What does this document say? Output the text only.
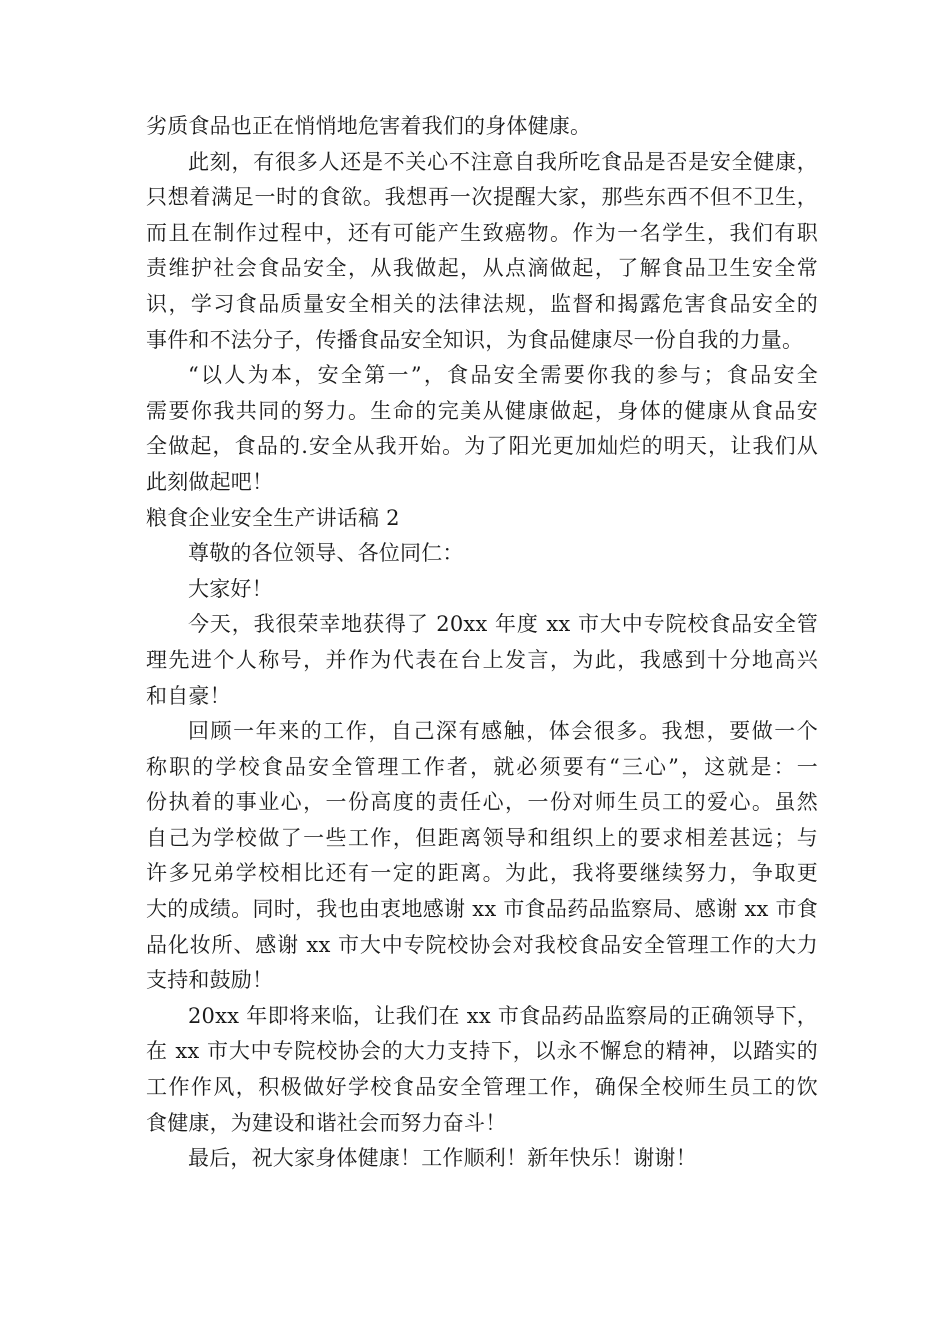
劣质食品也正在悄悄地危害着我们的身体健康。
此刻，有很多人还是不关心不注意自我所吃食品是否是安全健康，
只想着满足一时的食欲。我想再一次提醒大家，那些东西不但不卫生，
而且在制作过程中，还有可能产生致癌物。作为一名学生，我们有职
责维护社会食品安全，从我做起，从点滴做起，了解食品卫生安全常
识，学习食品质量安全相关的法律法规，监督和揭露危害食品安全的
事件和不法分子，传播食品安全知识，为食品健康尽一份自我的力量。
“以人为本，安全第一”，食品安全需要你我的参与；食品安全
需要你我共同的努力。生命的完美从健康做起，身体的健康从食品安
全做起，食品的.安全从我开始。为了阳光更加灿烂的明天，让我们从
此刻做起吧！
粮食企业安全生产讲话稿 2
尊敬的各位领导、各位同仁：
大家好！
今天，我很荣幸地获得了 20xx 年度 xx 市大中专院校食品安全管
理先进个人称号，并作为代表在台上发言，为此，我感到十分地高兴
和自豪！
回顾一年来的工作，自己深有感触，体会很多。我想，要做一个
称职的学校食品安全管理工作者，就必须要有“三心”，这就是：一
份执着的事业心，一份高度的责任心，一份对师生员工的爱心。虽然
自己为学校做了一些工作，但距离领导和组织上的要求相差甚远；与
许多兄弟学校相比还有一定的距离。为此，我将要继续努力，争取更
大的成绩。同时，我也由衷地感谢 xx 市食品药品监察局、感谢 xx 市食
品化妆所、感谢 xx 市大中专院校协会对我校食品安全管理工作的大力
支持和鼓励！
20xx 年即将来临，让我们在 xx 市食品药品监察局的正确领导下，
在 xx 市大中专院校协会的大力支持下，以永不懈怠的精神，以踏实的
工作作风，积极做好学校食品安全管理工作，确保全校师生员工的饮
食健康，为建设和谐社会而努力奋斗！
最后，祝大家身体健康！工作顺利！新年快乐！谢谢！
